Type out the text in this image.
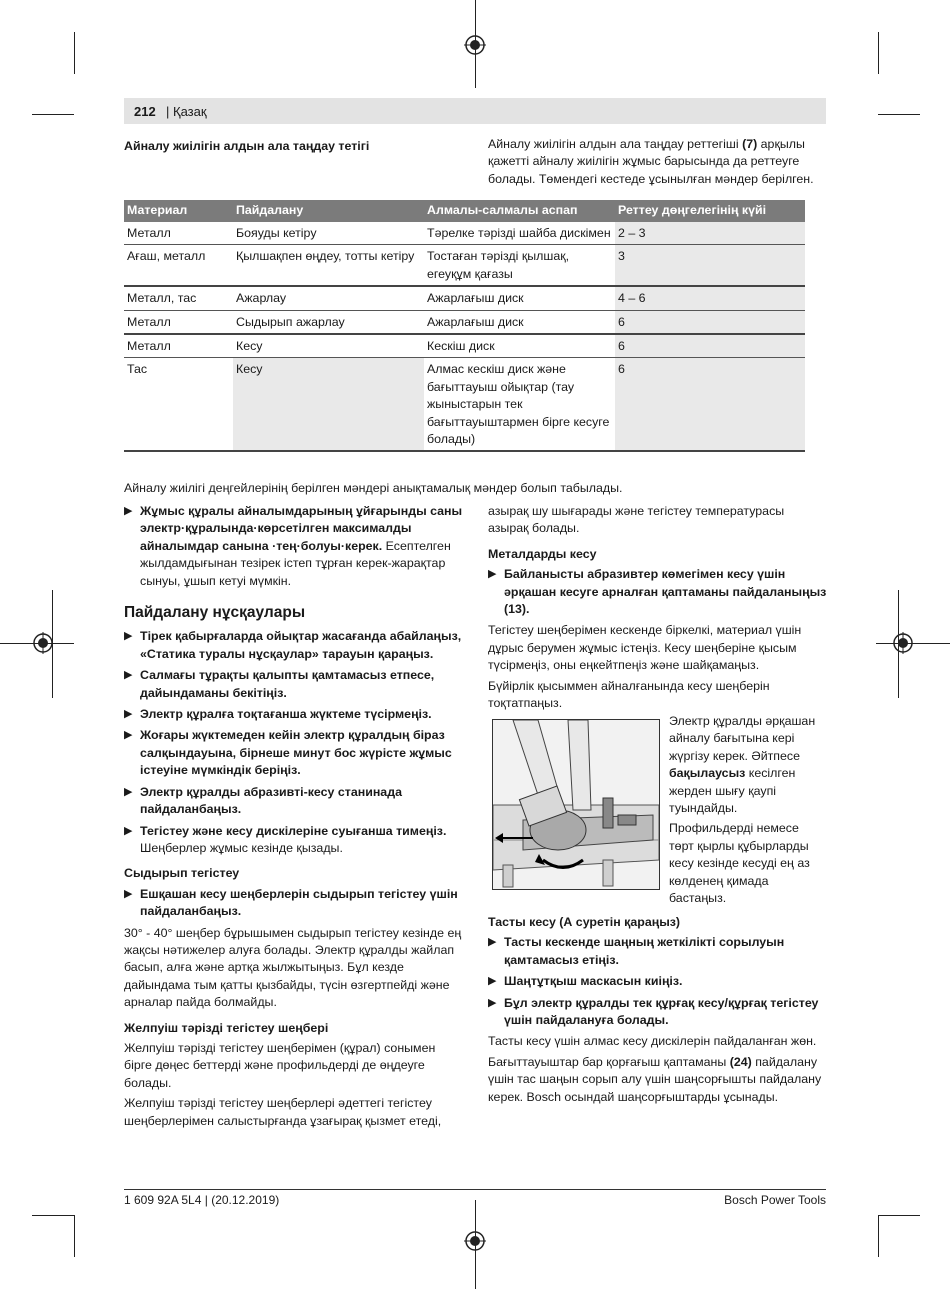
212 | Қазақ
Айналу жиілігін алдын ала таңдау тетігі	Айналу жиілігін алдын ала таңдау реттегіші (7) арқылы қажетті айналу жиілігін жұмыс барысында да реттеуге болады. Төмендегі кестеде ұсынылған мәндер берілген.

Материал	Пайдалану	Алмалы-салмалы аспап	Реттеу дөңгелегінің күйі
Металл	Бояуды кетіру	Тәрелке тәрізді шайба дискімен	2 – 3
Ағаш, металл	Қылшақпен өңдеу, тотты кетіру	Тостаған тәрізді қылшақ, егеуқұм қағазы	3
Металл, тас	Ажарлау	Ажарлағыш диск	4 – 6
Металл	Сыдырып ажарлау	Ажарлағыш диск	6
Металл	Кесу	Кескіш диск	6
Тас	Кесу	Алмас кескіш диск және бағыттауыш ойықтар (тау жыныстарын тек бағыттауыштармен бірге кесуге болады)	6

Айналу жиілігі деңгейлерінің берілген мәндері анықтамалық мәндер болып табылады.

▶ Жұмыс құралы айналымдарының ұйғарынды саны электр·құралында·көрсетілген максималды айналымдар санына ·тең·болуы·керек. Есептелген жылдамдығынан тезірек істеп тұрған керек-жарақтар сынуы, ұшып кетуі мүмкін.
Пайдалану нұсқаулары
▶ Тірек қабырғаларда ойықтар жасағанда абайлаңыз, «Статика туралы нұсқаулар» тарауын қараңыз.
▶ Салмағы тұрақты қалыпты қамтамасыз етпесе, дайындаманы бекітіңіз.
▶ Электр құралға тоқтағанша жүктеме түсірмеңіз.
▶ Жоғары жүктемеден кейін электр құралдың біраз салқындауына, бірнеше минут бос жүрісте жұмыс істеуіне мүмкіндік беріңіз.
▶ Электр құралды абразивті-кесу станинада пайдаланбаңыз.
▶ Тегістеу және кесу дискілеріне суығанша тимеңіз. Шеңберлер жұмыс кезінде қызады.
Сыдырып тегістеу
▶ Ешқашан кесу шеңберлерін сыдырып тегістеу үшін пайдаланбаңыз.

30° - 40° шеңбер бұрышымен сыдырып тегістеу кезінде ең жақсы нәтижелер алуға болады. Электр құралды жайлап басып, алға және артқа жылжытыңыз. Бұл кезде дайындама тым қатты қызбайды, түсін өзгертпейді және арналар пайда болмайды.

Желпуіш тәрізді тегістеу шеңбері

Желпуіш тәрізді тегістеу шеңберімен (құрал) сонымен бірге дөңес беттерді және профильдерді де өңдеуге болады.

Желпуіш тәрізді тегістеу шеңберлері әдеттегі тегістеу шеңберлерімен салыстырғанда ұзағырақ қызмет етеді,

азырақ шу шығарады және тегістеу температурасы азырақ болады.

Металдарды кесу
▶ Байланысты абразивтер көмегімен кесу үшін әрқашан кесуге арналған қаптаманы пайдаланыңыз (13).

Тегістеу шеңберімен кескенде біркелкі, материал үшін дұрыс берумен жұмыс істеңіз. Кесу шеңберіне қысым түсірмеңіз, оны еңкейтпеңіз және шайқамаңыз.

Бүйірлік қысыммен айналғанында кесу шеңберін тоқтатпаңыз.

Электр құралды әрқашан айналу бағытына кері жүргізу керек. Әйтпесе бақылаусыз кесілген жерден шығу қаупі туындайды.

Профильдерді немесе төрт қырлы құбырларды кесу кезінде кесуді ең аз көлденең қимада бастаңыз.

Тасты кесу (А суретін қараңыз)
▶ Тасты кескенде шаңның жеткілікті сорылуын қамтамасыз етіңіз.
▶ Шаңтұтқыш маскасын киіңіз.
▶ Бұл электр құралды тек құрғақ кесу/құрғақ тегістеу үшін пайдалануға болады.

Тасты кесу үшін алмас кесу дискілерін пайдаланған жөн.

Бағыттауыштар бар қорғағыш қаптаманы (24) пайдалану үшін тас шаңын сорып алу үшін шаңсорғышты пайдалану керек. Bosch осындай шаңсорғыштарды ұсынады.

1 609 92A 5L4 | (20.12.2019)	Bosch Power Tools
